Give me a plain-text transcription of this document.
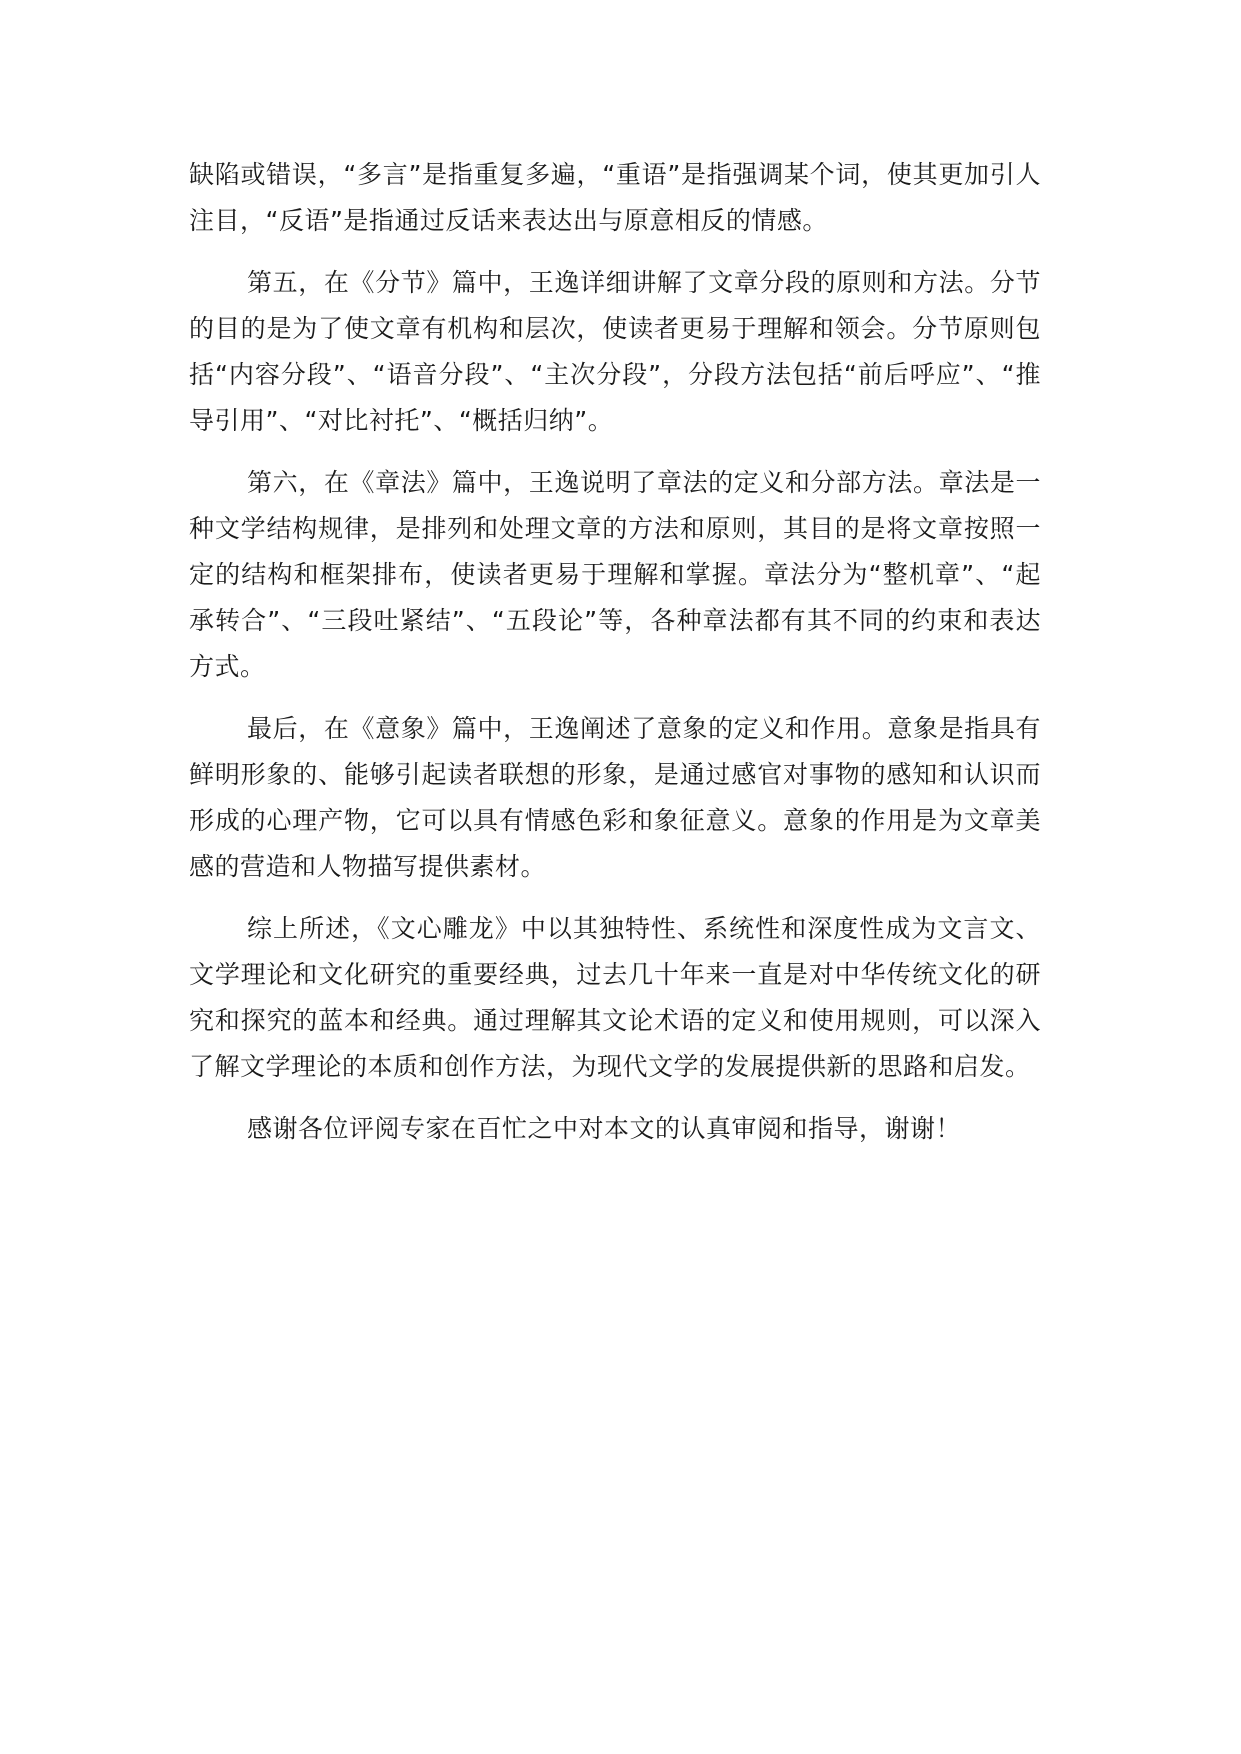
缺陷或错误，“多言”是指重复多遍，“重语”是指强调某个词，使其更加引人注目，“反语”是指通过反话来表达出与原意相反的情感。

第五，在《分节》篇中，王逸详细讲解了文章分段的原则和方法。分节的目的是为了使文章有机构和层次，使读者更易于理解和领会。分节原则包括“内容分段”、“语音分段”、“主次分段”，分段方法包括“前后呼应”、“推导引用”、“对比衬托”、“概括归纳”。

第六，在《章法》篇中，王逸说明了章法的定义和分部方法。章法是一种文学结构规律，是排列和处理文章的方法和原则，其目的是将文章按照一定的结构和框架排布，使读者更易于理解和掌握。章法分为“整机章”、“起承转合”、“三段吐紧结”、“五段论”等，各种章法都有其不同的约束和表达方式。

最后，在《意象》篇中，王逸阐述了意象的定义和作用。意象是指具有鲜明形象的、能够引起读者联想的形象，是通过感官对事物的感知和认识而形成的心理产物，它可以具有情感色彩和象征意义。意象的作用是为文章美感的营造和人物描写提供素材。

综上所述，《文心雕龙》中以其独特性、系统性和深度性成为文言文、文学理论和文化研究的重要经典，过去几十年来一直是对中华传统文化的研究和探究的蓝本和经典。通过理解其文论术语的定义和使用规则，可以深入了解文学理论的本质和创作方法，为现代文学的发展提供新的思路和启发。

感谢各位评阅专家在百忙之中对本文的认真审阅和指导，谢谢！
